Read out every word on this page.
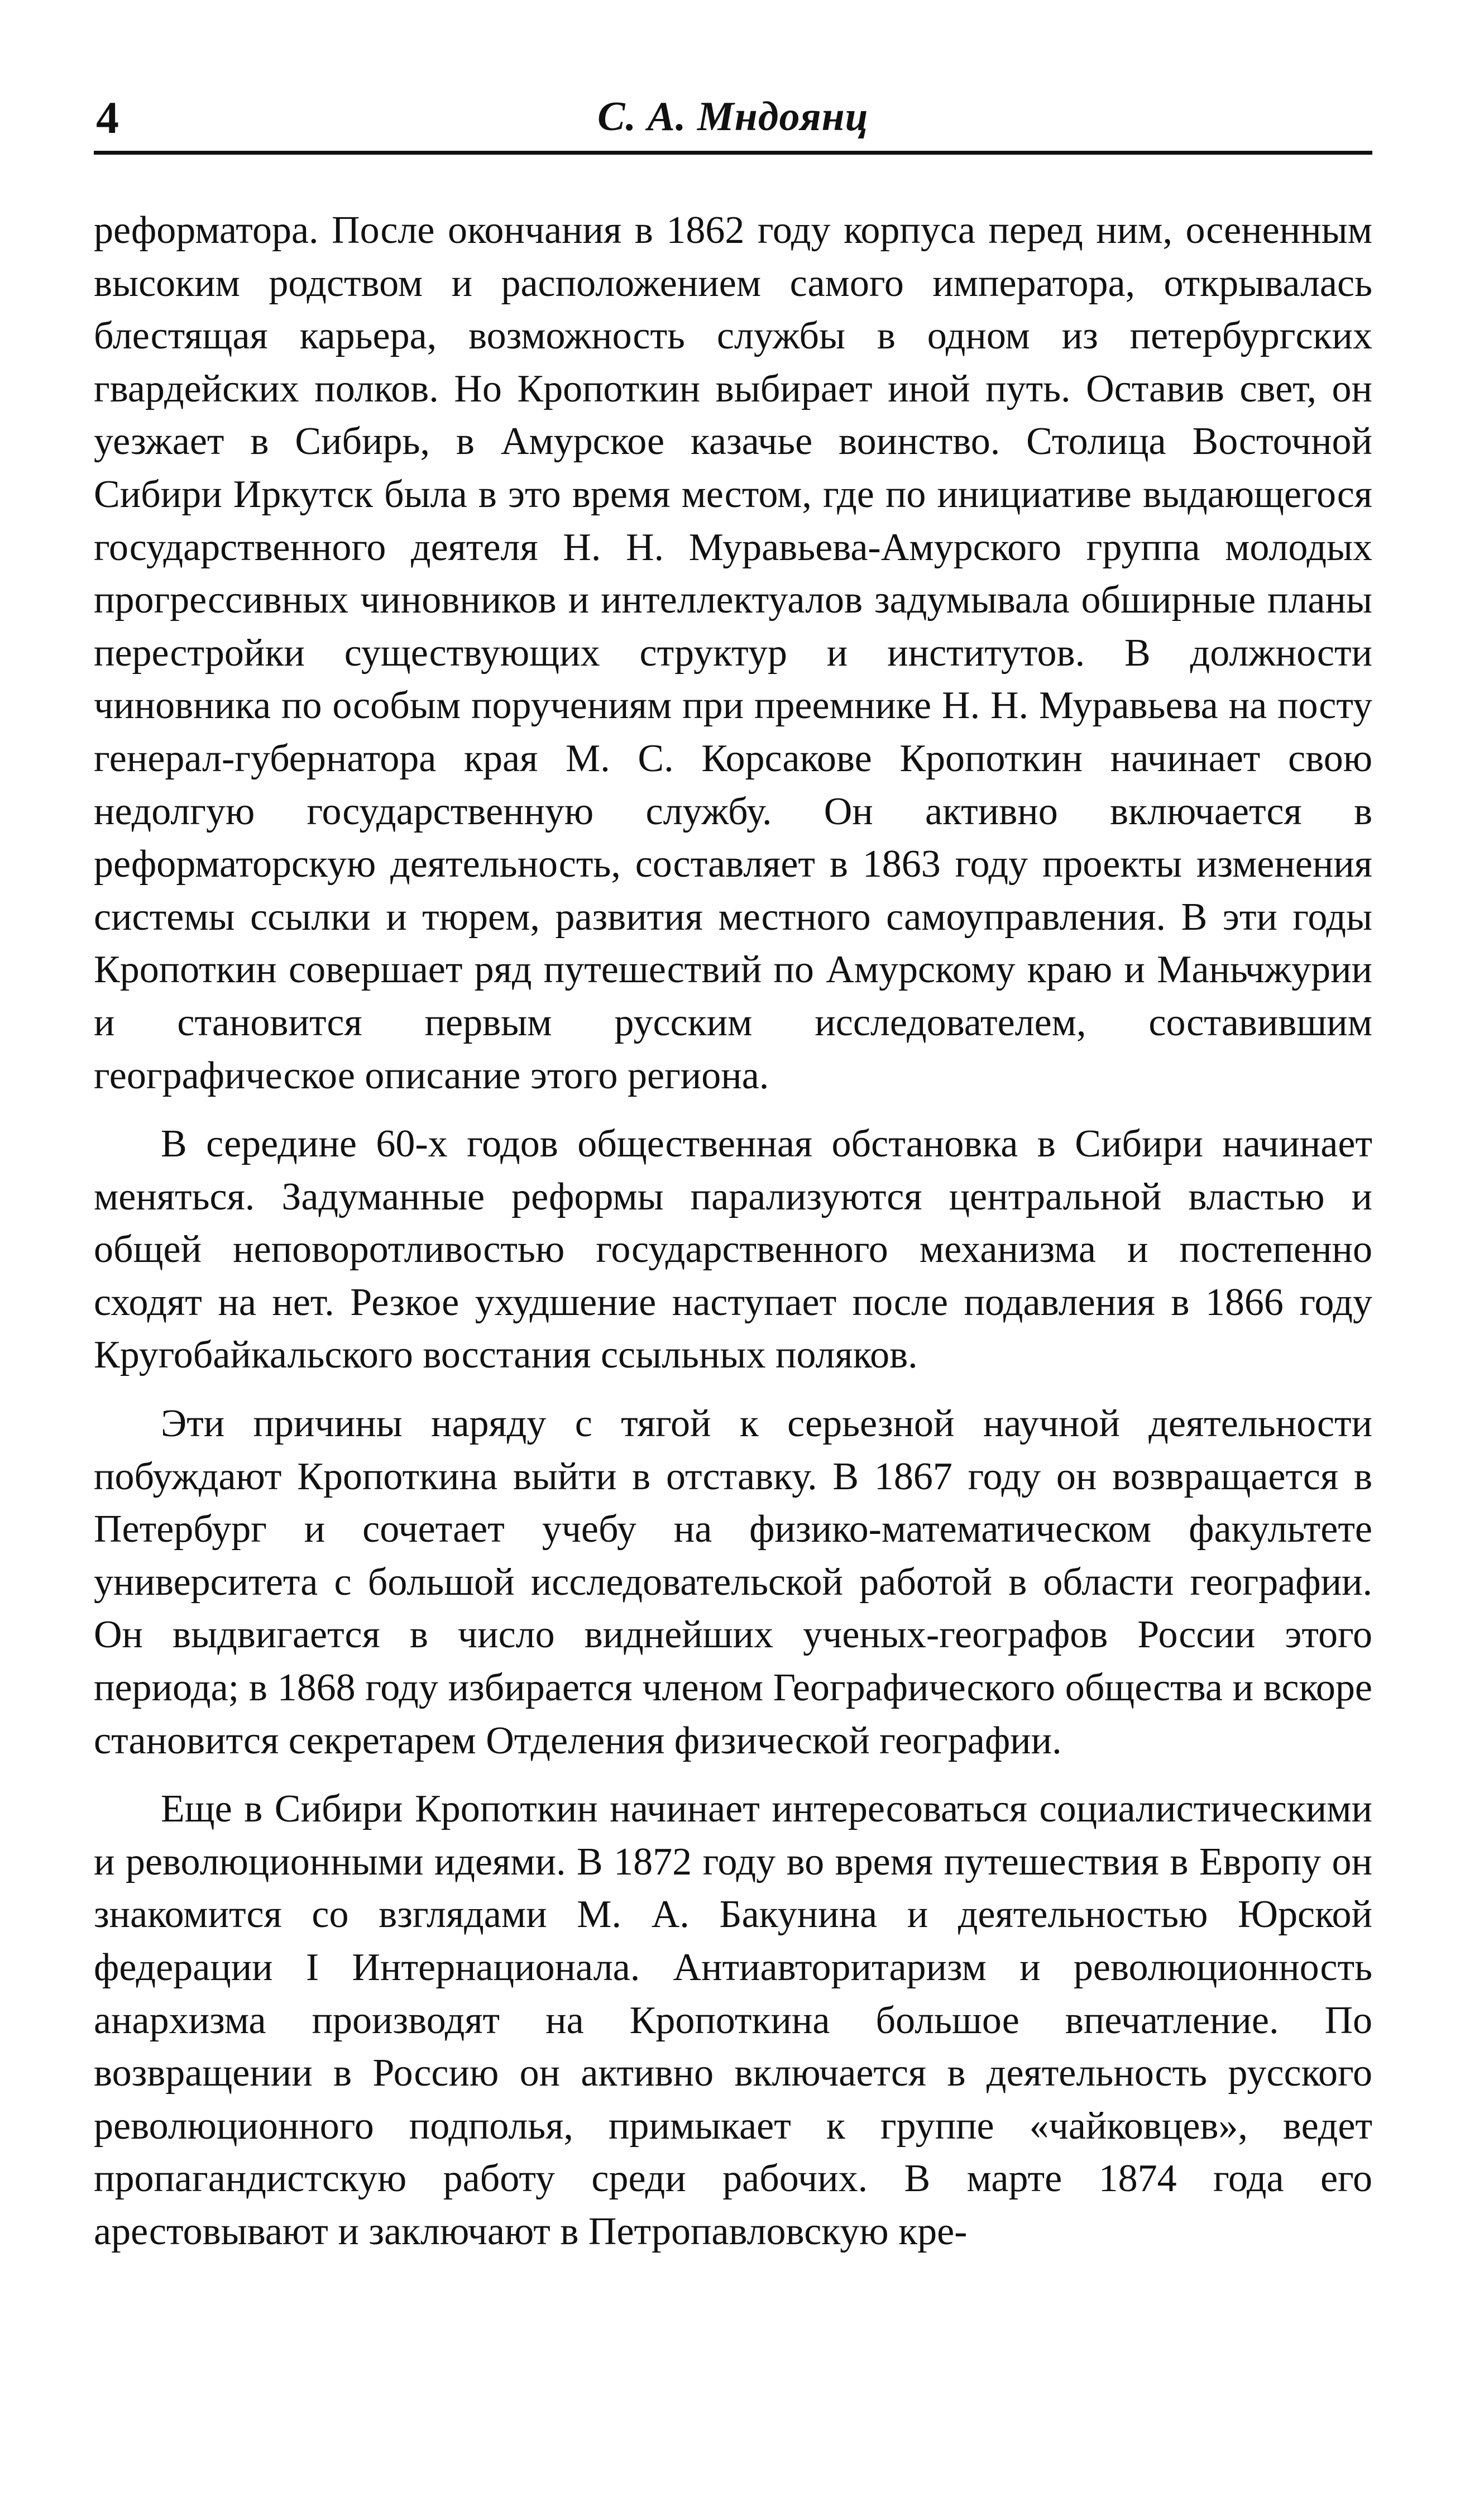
4	С. А. Мндоянц

реформатора. После окончания в 1862 году корпуса перед ним, осененным высоким родством и расположением самого императора, открывалась блестящая карьера, возможность службы в одном из петербургских гвардейских полков. Но Кропоткин выбирает иной путь. Оставив свет, он уезжает в Сибирь, в Амурское казачье воинство. Столица Восточной Сибири Иркутск была в это время местом, где по инициативе выдающегося государственного деятеля Н. Н. Муравьева-Амурского группа молодых прогрессивных чиновников и интеллектуалов задумывала обширные планы перестройки существующих структур и институтов. В должности чиновника по особым поручениям при преемнике Н. Н. Муравьева на посту генерал-губернатора края М. С. Корсакове Кропоткин начинает свою недолгую государственную службу. Он активно включается в реформаторскую деятельность, составляет в 1863 году проекты изменения системы ссылки и тюрем, развития местного самоуправления. В эти годы Кропоткин совершает ряд путешествий по Амурскому краю и Маньчжурии и становится первым русским исследователем, составившим географическое описание этого региона.

В середине 60-х годов общественная обстановка в Сибири начинает меняться. Задуманные реформы парализуются центральной властью и общей неповоротливостью государственного механизма и постепенно сходят на нет. Резкое ухудшение наступает после подавления в 1866 году Кругобайкальского восстания ссыльных поляков.

Эти причины наряду с тягой к серьезной научной деятельности побуждают Кропоткина выйти в отставку. В 1867 году он возвращается в Петербург и сочетает учебу на физико-математическом факультете университета с большой исследовательской работой в области географии. Он выдвигается в число виднейших ученых-географов России этого периода; в 1868 году избирается членом Географического общества и вскоре становится секретарем Отделения физической географии.

Еще в Сибири Кропоткин начинает интересоваться социалистическими и революционными идеями. В 1872 году во время путешествия в Европу он знакомится со взглядами М. А. Бакунина и деятельностью Юрской федерации I Интернационала. Антиавторитаризм и революционность анархизма производят на Кропоткина большое впечатление. По возвращении в Россию он активно включается в деятельность русского революционного подполья, примыкает к группе «чайковцев», ведет пропагандистскую работу среди рабочих. В марте 1874 года его арестовывают и заключают в Петропавловскую кре-
